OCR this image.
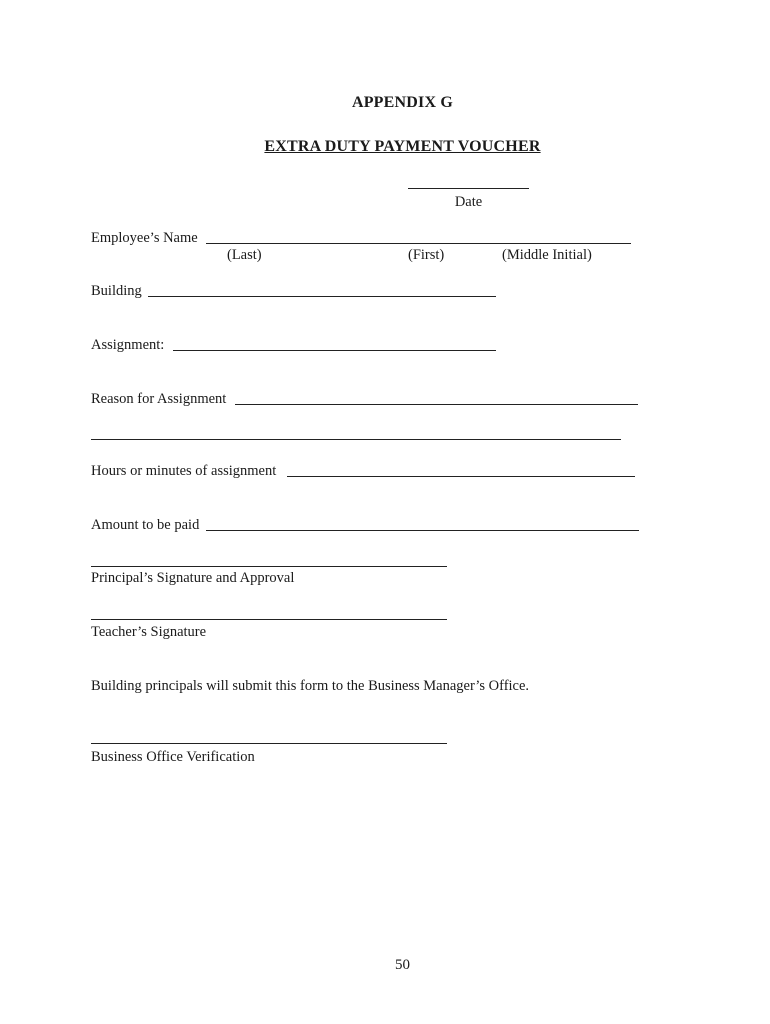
APPENDIX G
EXTRA DUTY PAYMENT VOUCHER
Date
Employee’s Name
(Last)	(First)	(Middle Initial)
Building
Assignment:
Reason for Assignment
Hours or minutes of assignment
Amount to be paid
Principal’s Signature and Approval
Teacher’s Signature
Building principals will submit this form to the Business Manager’s Office.
Business Office Verification
50
